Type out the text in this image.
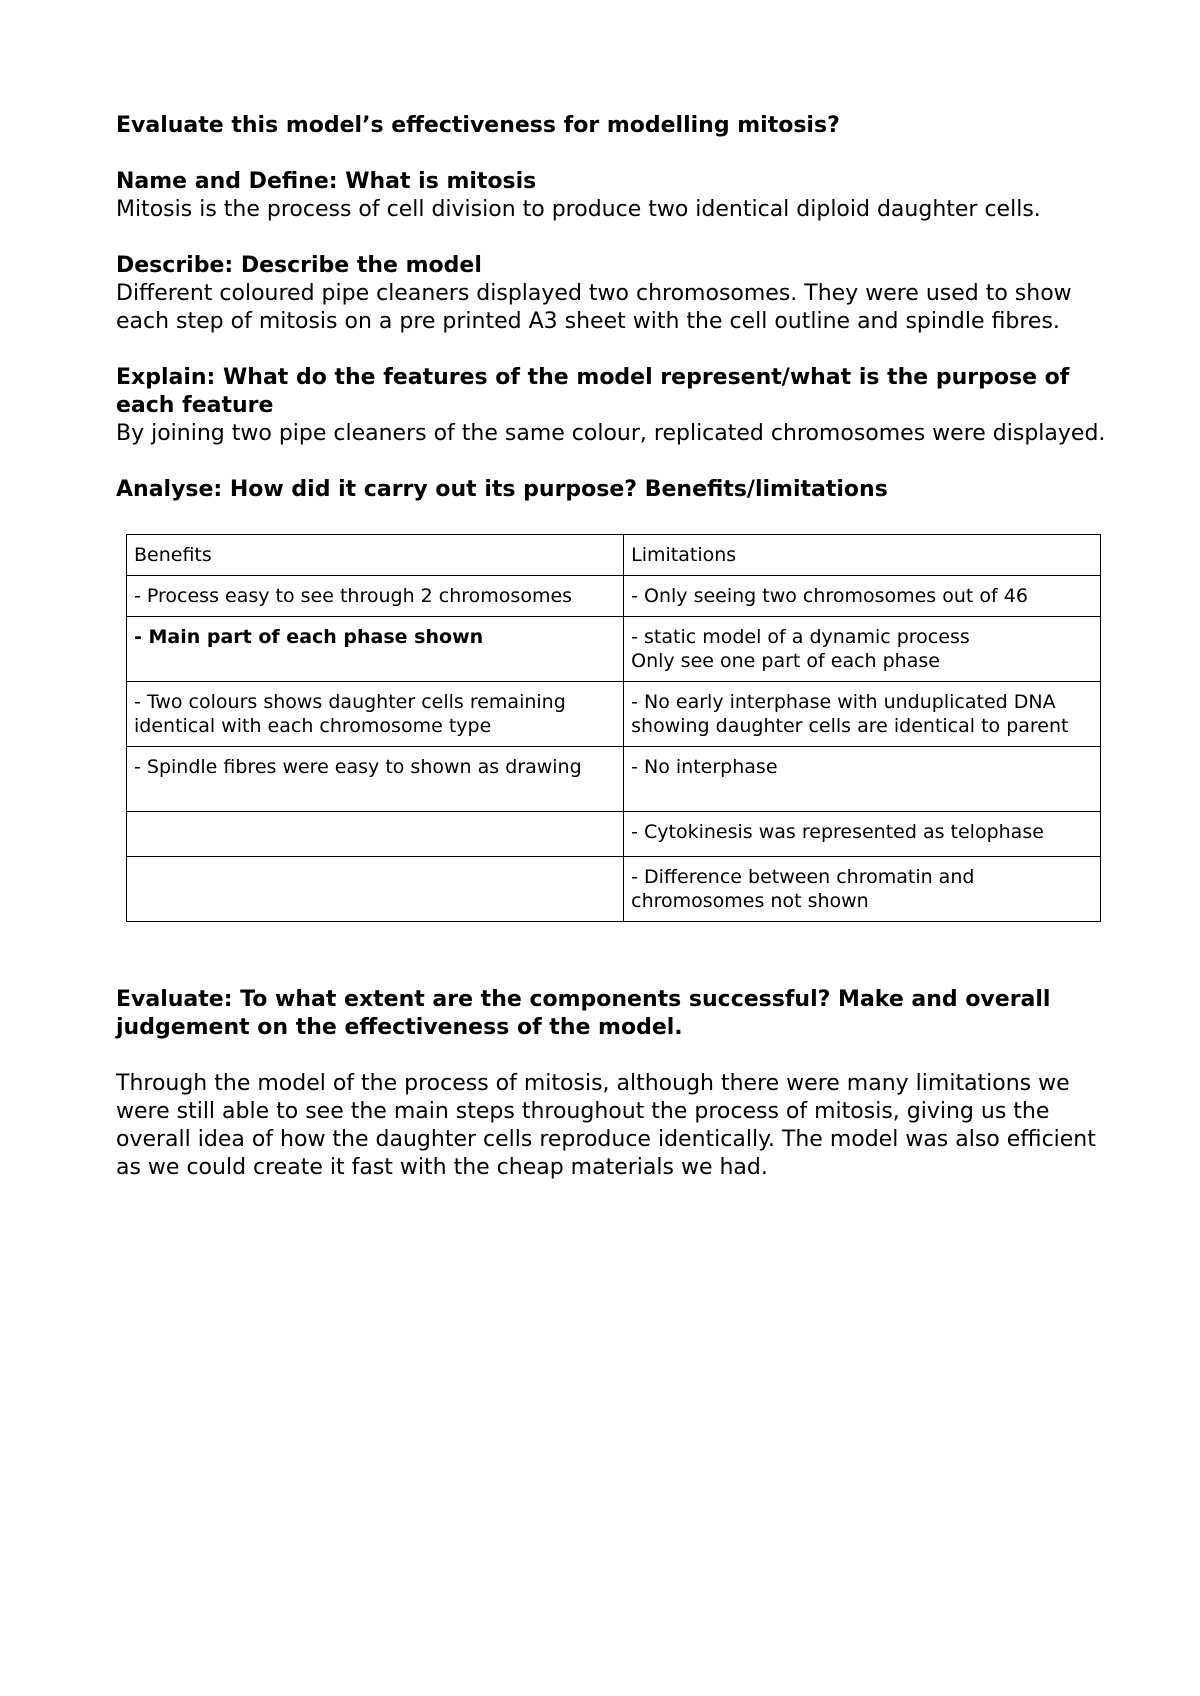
Evaluate this model’s effectiveness for modelling mitosis?

Name and Define: What is mitosis

Mitosis is the process of cell division to produce two identical diploid daughter cells.

Describe: Describe the model

Different coloured pipe cleaners displayed two chromosomes. They were used to show each step of mitosis on a pre printed A3 sheet with the cell outline and spindle fibres.

Explain: What do the features of the model represent/what is the purpose of each feature

By joining two pipe cleaners of the same colour, replicated chromosomes were displayed.

Analyse: How did it carry out its purpose? Benefits/limitations

Benefits	Limitations
- Process easy to see through 2 chromosomes	- Only seeing two chromosomes out of 46

- Main part of each phase shown	- static model of a dynamic process
Only see one part of each phase

- Two colours shows daughter cells remaining identical with each chromosome type	- No early interphase with unduplicated DNA showing daughter cells are identical to parent

- Spindle fibres were easy to shown as drawing	- No interphase

	- Cytokinesis was represented as telophase

	- Difference between chromatin and chromosomes not shown

Evaluate: To what extent are the components successful? Make and overall judgement on the effectiveness of the model.

Through the model of the process of mitosis, although there were many limitations we were still able to see the main steps throughout the process of mitosis, giving us the overall idea of how the daughter cells reproduce identically. The model was also efficient as we could create it fast with the cheap materials we had.
